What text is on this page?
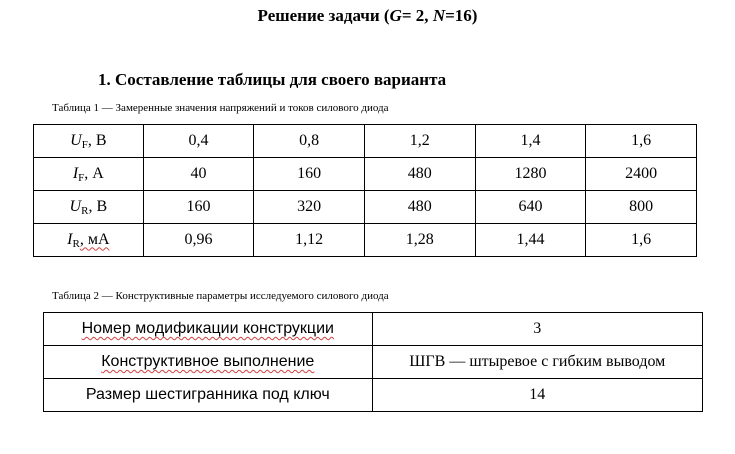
Решение задачи (G= 2, N=16)
1. Составление таблицы для своего варианта
Таблица 1 — Замеренные значения напряжений и токов силового диода
$U_F$, В	0,4	0,8	1,2	1,4	1,6
$I_F$, А	40	160	480	1280	2400
$U_R$, В	160	320	480	640	800
$I_R$, мА	0,96	1,12	1,28	1,44	1,6
Таблица 2 — Конструктивные параметры исследуемого силового диода
Номер модификации конструкции	3
Конструктивное выполнение	ШГВ — штыревое с гибким выводом
Размер шестигранника под ключ	14
